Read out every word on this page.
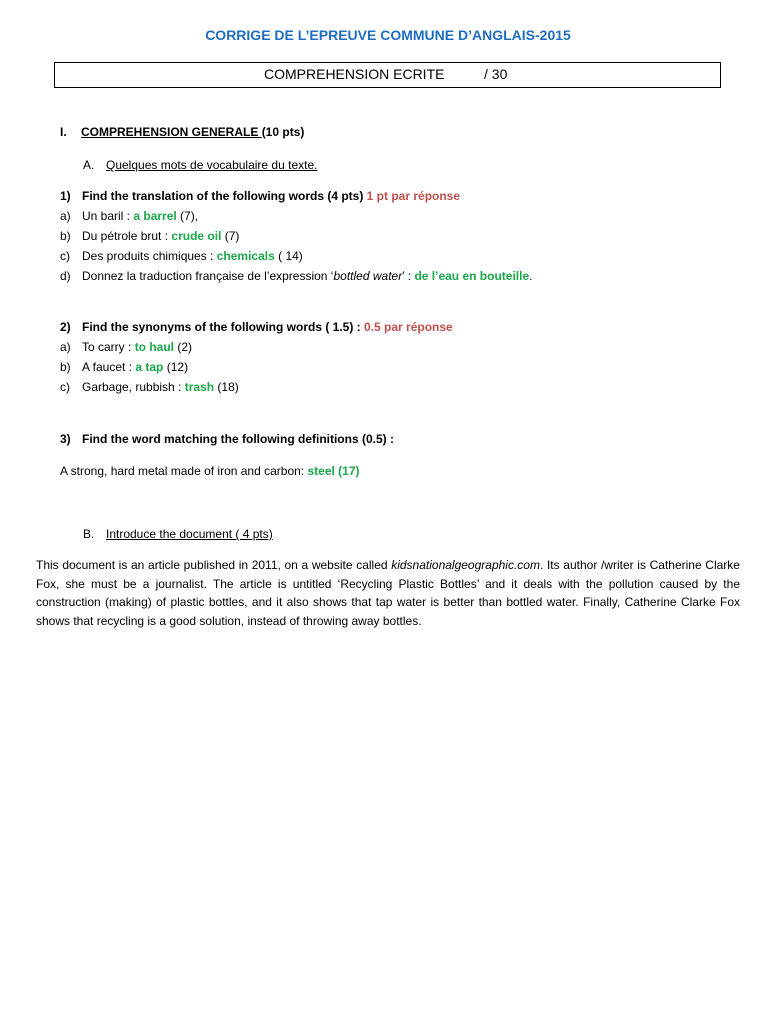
CORRIGE DE L’EPREUVE COMMUNE D’ANGLAIS-2015
COMPREHENSION ECRITE	/ 30
I. COMPREHENSION GENERALE (10 pts)
A. Quelques mots de vocabulaire du texte.
1) Find the translation of the following words (4 pts) 1 pt par réponse
a) Un baril : a barrel (7),
b) Du pétrole brut : crude oil (7)
c) Des produits chimiques : chemicals ( 14)
d) Donnez la traduction française de l’expression ‘bottled water’ : de l’eau en bouteille.
2) Find the synonyms of the following words ( 1.5) : 0.5 par réponse
a) To carry : to haul (2)
b) A faucet : a tap (12)
c) Garbage, rubbish : trash (18)
3) Find the word matching the following definitions (0.5) :
A strong, hard metal made of iron and carbon: steel (17)
B. Introduce the document ( 4 pts)
This document is an article published in 2011, on a website called kidsnationalgeographic.com. Its author /writer is Catherine Clarke Fox, she must be a journalist. The article is untitled ‘Recycling Plastic Bottles’ and it deals with the pollution caused by the construction (making) of plastic bottles, and it also shows that tap water is better than bottled water. Finally, Catherine Clarke Fox shows that recycling is a good solution, instead of throwing away bottles.
